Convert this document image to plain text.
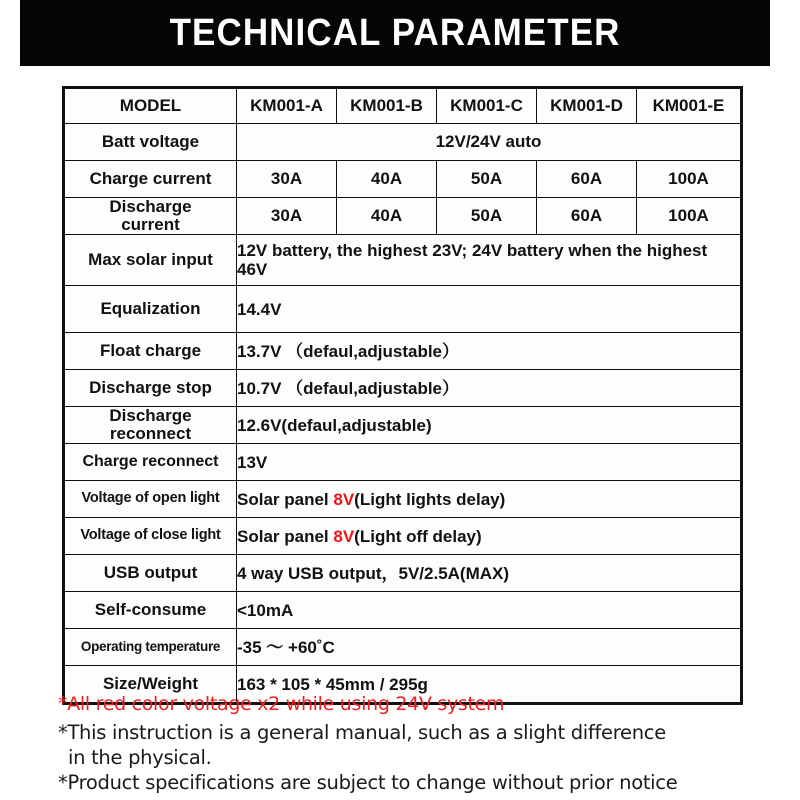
TECHNICAL PARAMETER
MODEL	KM001-A	KM001-B	KM001-C	KM001-D	KM001-E
Batt voltage	12V/24V auto				
Charge current	30A	40A	50A	60A	100A

Discharge
current	30A	40A	50A	60A	100A
Max solar input	12V battery, the highest 23V; 24V battery when the highest 46V				
Equalization	14.4V				
Float charge	13.7V （defaul,adjustable）				
Discharge stop	10.7V （defaul,adjustable）				

Discharge
reconnect	12.6V(defaul,adjustable)				
Charge reconnect	13V				
Voltage of open light	Solar panel 8V(Light lights delay)				
Voltage of close light	Solar panel 8V(Light off delay)				
USB output	4 way USB output，5V/2.5A(MAX)				
Self-consume	<10mA				
Operating temperature	-35 〜 +60˚C				
Size/Weight	163 * 105 * 45mm / 295g				
*All red color voltage x2 while using 24V system
*This instruction is a general manual, such as a slight difference
in the physical.
*Product specifications are subject to change without prior notice
